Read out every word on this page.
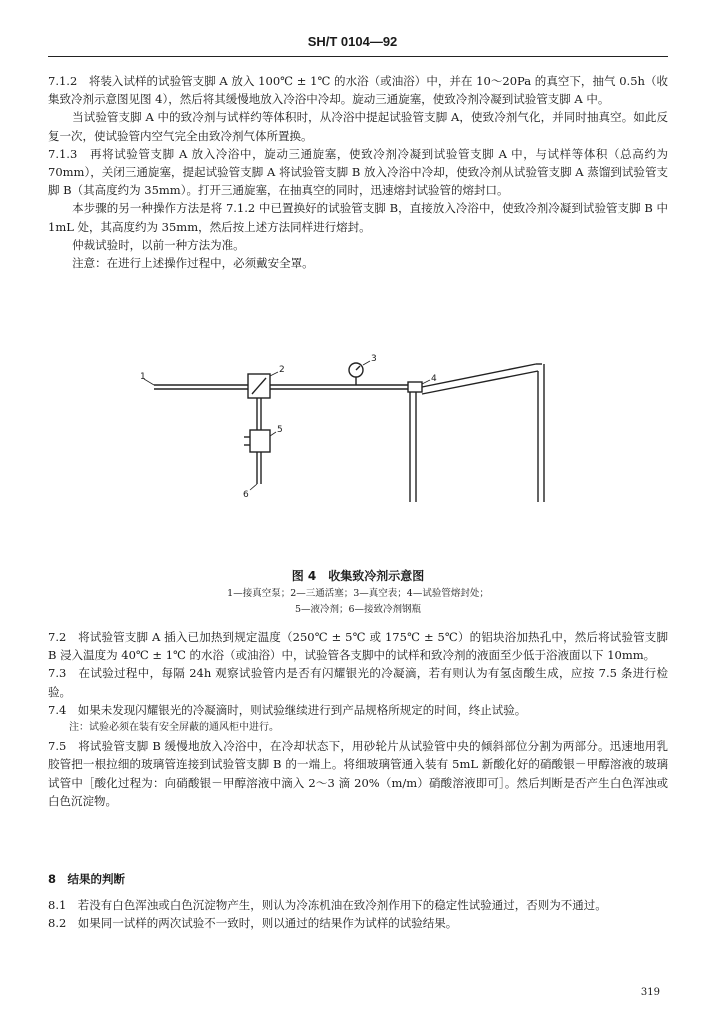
SH/T 0104—92

7.1.2　将装入试样的试验管支脚 A 放入 100℃ ± 1℃ 的水浴（或油浴）中，并在 10～20Pa 的真空下，抽气 0.5h（收集致冷剂示意图见图 4），然后将其缓慢地放入冷浴中冷却。旋动三通旋塞，使致冷剂冷凝到试验管支脚 A 中。

当试验管支脚 A 中的致冷剂与试样约等体积时，从冷浴中提起试验管支脚 A，使致冷剂气化，并同时抽真空。如此反复一次，使试验管内空气完全由致冷剂气体所置换。

7.1.3　再将试验管支脚 A 放入冷浴中，旋动三通旋塞，使致冷剂冷凝到试验管支脚 A 中，与试样等体积（总高约为 70mm），关闭三通旋塞，提起试验管支脚 A 将试验管支脚 B 放入冷浴中冷却，使致冷剂从试验管支脚 A 蒸馏到试验管支脚 B（其高度约为 35mm）。打开三通旋塞，在抽真空的同时，迅速熔封试验管的熔封口。

本步骤的另一种操作方法是将 7.1.2 中已置换好的试验管支脚 B，直接放入冷浴中，使致冷剂冷凝到试验管支脚 B 中 1mL 处，其高度约为 35mm，然后按上述方法同样进行熔封。

仲裁试验时，以前一种方法为准。

注意：在进行上述操作过程中，必须戴安全罩。

1
2
3
4
5
6
图 4　收集致冷剂示意图
1—接真空泵；2—三通活塞；3—真空表；4—试验管熔封处；
5—液冷剂；6—接致冷剂钢瓶

7.2　将试验管支脚 A 插入已加热到规定温度（250℃ ± 5℃ 或 175℃ ± 5℃）的铝块浴加热孔中，然后将试验管支脚 B 浸入温度为 40℃ ± 1℃ 的水浴（或油浴）中，试验管各支脚中的试样和致冷剂的液面至少低于浴液面以下 10mm。

7.3　在试验过程中，每隔 24h 观察试验管内是否有闪耀银光的冷凝滴，若有则认为有氢卤酸生成，应按 7.5 条进行检验。

7.4　如果未发现闪耀银光的冷凝滴时，则试验继续进行到产品规格所规定的时间，终止试验。

注：试验必须在装有安全屏蔽的通风柜中进行。

7.5　将试验管支脚 B 缓慢地放入冷浴中，在冷却状态下，用砂轮片从试验管中央的倾斜部位分割为两部分。迅速地用乳胶管把一根拉细的玻璃管连接到试验管支脚 B 的一端上。将细玻璃管通入装有 5mL 新酸化好的硝酸银－甲醇溶液的玻璃试管中［酸化过程为：向硝酸银－甲醇溶液中滴入 2～3 滴 20%（m/m）硝酸溶液即可］。然后判断是否产生白色浑浊或白色沉淀物。

8　结果的判断

8.1　若没有白色浑浊或白色沉淀物产生，则认为冷冻机油在致冷剂作用下的稳定性试验通过，否则为不通过。

8.2　如果同一试样的两次试验不一致时，则以通过的结果作为试样的试验结果。

319
